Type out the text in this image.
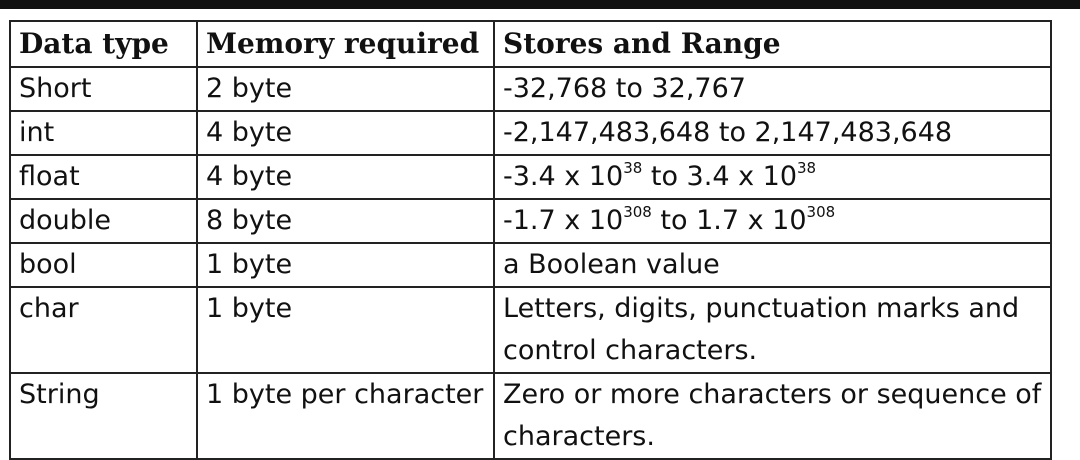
Data type	Memory required	Stores and Range
Short	2 byte	-32,768 to 32,767
int	4 byte	-2,147,483,648 to 2,147,483,648
float	4 byte	-3.4 x $10^{38}$ to 3.4 x $10^{38}$
double	8 byte	-1.7 x $10^{308}$ to 1.7 x $10^{308}$
bool	1 byte	a Boolean value
char	1 byte	Letters, digits, punctuation marks and control characters.
String	1 byte per character	Zero or more characters or sequence of characters.
